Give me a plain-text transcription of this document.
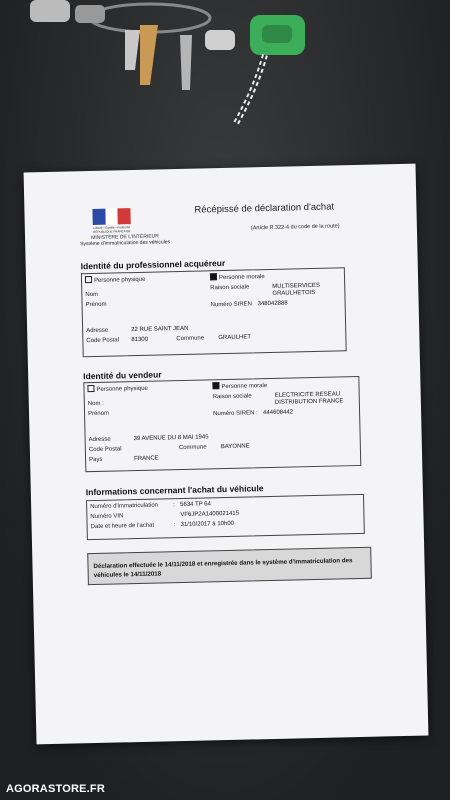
Liberté • Égalité • Fraternité
RÉPUBLIQUE FRANÇAISE
MINISTÈRE DE L'INTÉRIEUR
Système d'immatriculation des véhicules
Récépissé de déclaration d'achat
(Article R.322-4 du code de la route)
Identité du professionnel acquéreur
Personne physique	Personne morale
Nom
Prénom
Raison sociale	MULTISERVICES
GRAULHETOIS
Numéro SIREN 348042888
Adresse	22 RUE SAINT JEAN
Code Postal 81300	Commune GRAULHET
Identité du vendeur
Personne physique	Personne morale
Nom :
Prénom
Raison sociale	ELECTRICITE RESEAU
DISTRIBUTION FRANCE
Numéro SIREN : 444608442
Adresse	39 AVENUE DU 8 MAI 1945
Code Postal	Commune BAYONNE
Pays	FRANCE
Informations concernant l'achat du véhicule
Numéro d'immatriculation	: 5634 TP 64
Numéro VIN	VF6JP2A1400021415
Date et heure de l'achat	: 31/10/2017 à 10h00
Déclaration effectuée le 14/11/2018 et enregistrée dans le système d'immatriculation des véhicules le 14/11/2018
AGORASTORE.FR
